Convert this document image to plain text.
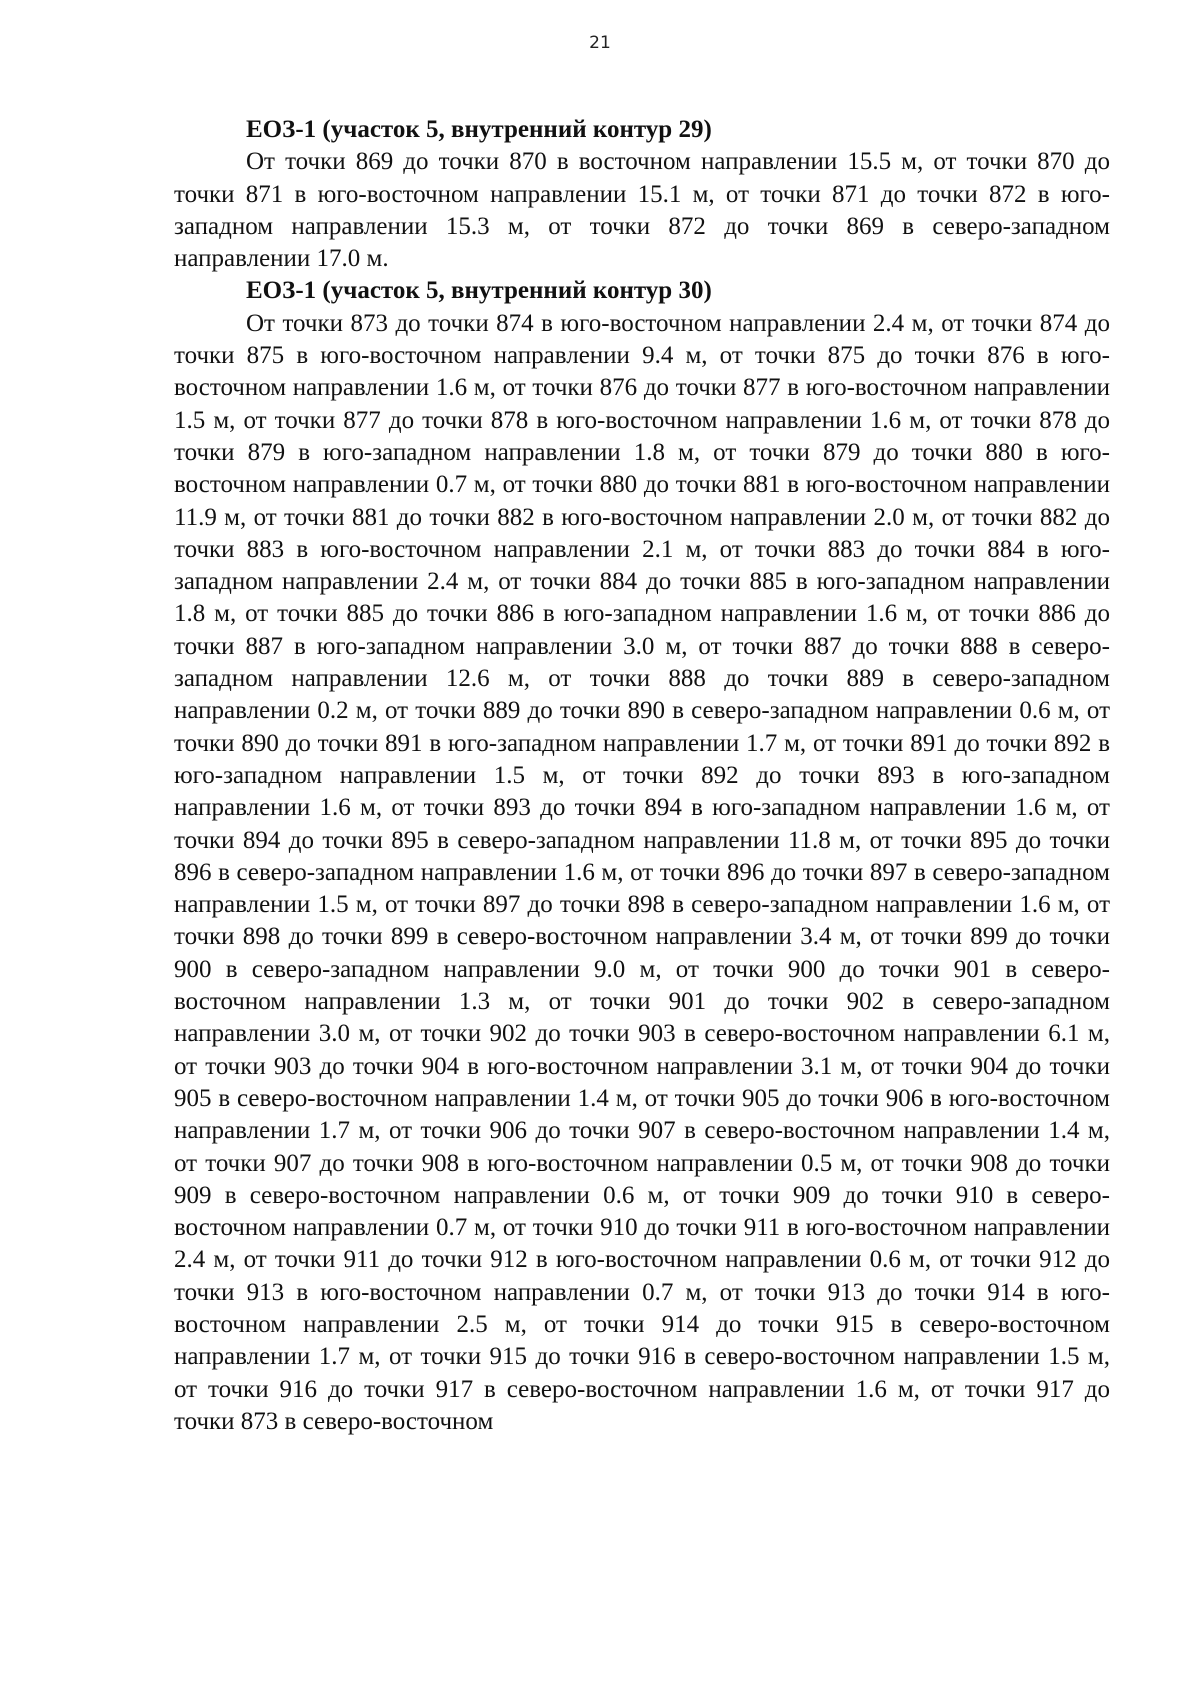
21
ЕОЗ-1 (участок 5, внутренний контур 29)

От точки 869 до точки 870 в восточном направлении 15.5 м, от точки 870 до точки 871 в юго-восточном направлении 15.1 м, от точки 871 до точки 872 в юго-западном направлении 15.3 м, от точки 872 до точки 869 в северо-западном направлении 17.0 м.

ЕОЗ-1 (участок 5, внутренний контур 30)

От точки 873 до точки 874 в юго-восточном направлении 2.4 м, от точки 874 до точки 875 в юго-восточном направлении 9.4 м, от точки 875 до точки 876 в юго-восточном направлении 1.6 м, от точки 876 до точки 877 в юго-восточном направлении 1.5 м, от точки 877 до точки 878 в юго-восточном направлении 1.6 м, от точки 878 до точки 879 в юго-западном направлении 1.8 м, от точки 879 до точки 880 в юго-восточном направлении 0.7 м, от точки 880 до точки 881 в юго-восточном направлении 11.9 м, от точки 881 до точки 882 в юго-восточном направлении 2.0 м, от точки 882 до точки 883 в юго-восточном направлении 2.1 м, от точки 883 до точки 884 в юго-западном направлении 2.4 м, от точки 884 до точки 885 в юго-западном направлении 1.8 м, от точки 885 до точки 886 в юго-западном направлении 1.6 м, от точки 886 до точки 887 в юго-западном направлении 3.0 м, от точки 887 до точки 888 в северо-западном направлении 12.6 м, от точки 888 до точки 889 в северо-западном направлении 0.2 м, от точки 889 до точки 890 в северо-западном направлении 0.6 м, от точки 890 до точки 891 в юго-западном направлении 1.7 м, от точки 891 до точки 892 в юго-западном направлении 1.5 м, от точки 892 до точки 893 в юго-западном направлении 1.6 м, от точки 893 до точки 894 в юго-западном направлении 1.6 м, от точки 894 до точки 895 в северо-западном направлении 11.8 м, от точки 895 до точки 896 в северо-западном направлении 1.6 м, от точки 896 до точки 897 в северо-западном направлении 1.5 м, от точки 897 до точки 898 в северо-западном направлении 1.6 м, от точки 898 до точки 899 в северо-восточном направлении 3.4 м, от точки 899 до точки 900 в северо-западном направлении 9.0 м, от точки 900 до точки 901 в северо-восточном направлении 1.3 м, от точки 901 до точки 902 в северо-западном направлении 3.0 м, от точки 902 до точки 903 в северо-восточном направлении 6.1 м, от точки 903 до точки 904 в юго-восточном направлении 3.1 м, от точки 904 до точки 905 в северо-восточном направлении 1.4 м, от точки 905 до точки 906 в юго-восточном направлении 1.7 м, от точки 906 до точки 907 в северо-восточном направлении 1.4 м, от точки 907 до точки 908 в юго-восточном направлении 0.5 м, от точки 908 до точки 909 в северо-восточном направлении 0.6 м, от точки 909 до точки 910 в северо-восточном направлении 0.7 м, от точки 910 до точки 911 в юго-восточном направлении 2.4 м, от точки 911 до точки 912 в юго-восточном направлении 0.6 м, от точки 912 до точки 913 в юго-восточном направлении 0.7 м, от точки 913 до точки 914 в юго-восточном направлении 2.5 м, от точки 914 до точки 915 в северо-восточном направлении 1.7 м, от точки 915 до точки 916 в северо-восточном направлении 1.5 м, от точки 916 до точки 917 в северо-восточном направлении 1.6 м, от точки 917 до точки 873 в северо-восточном
